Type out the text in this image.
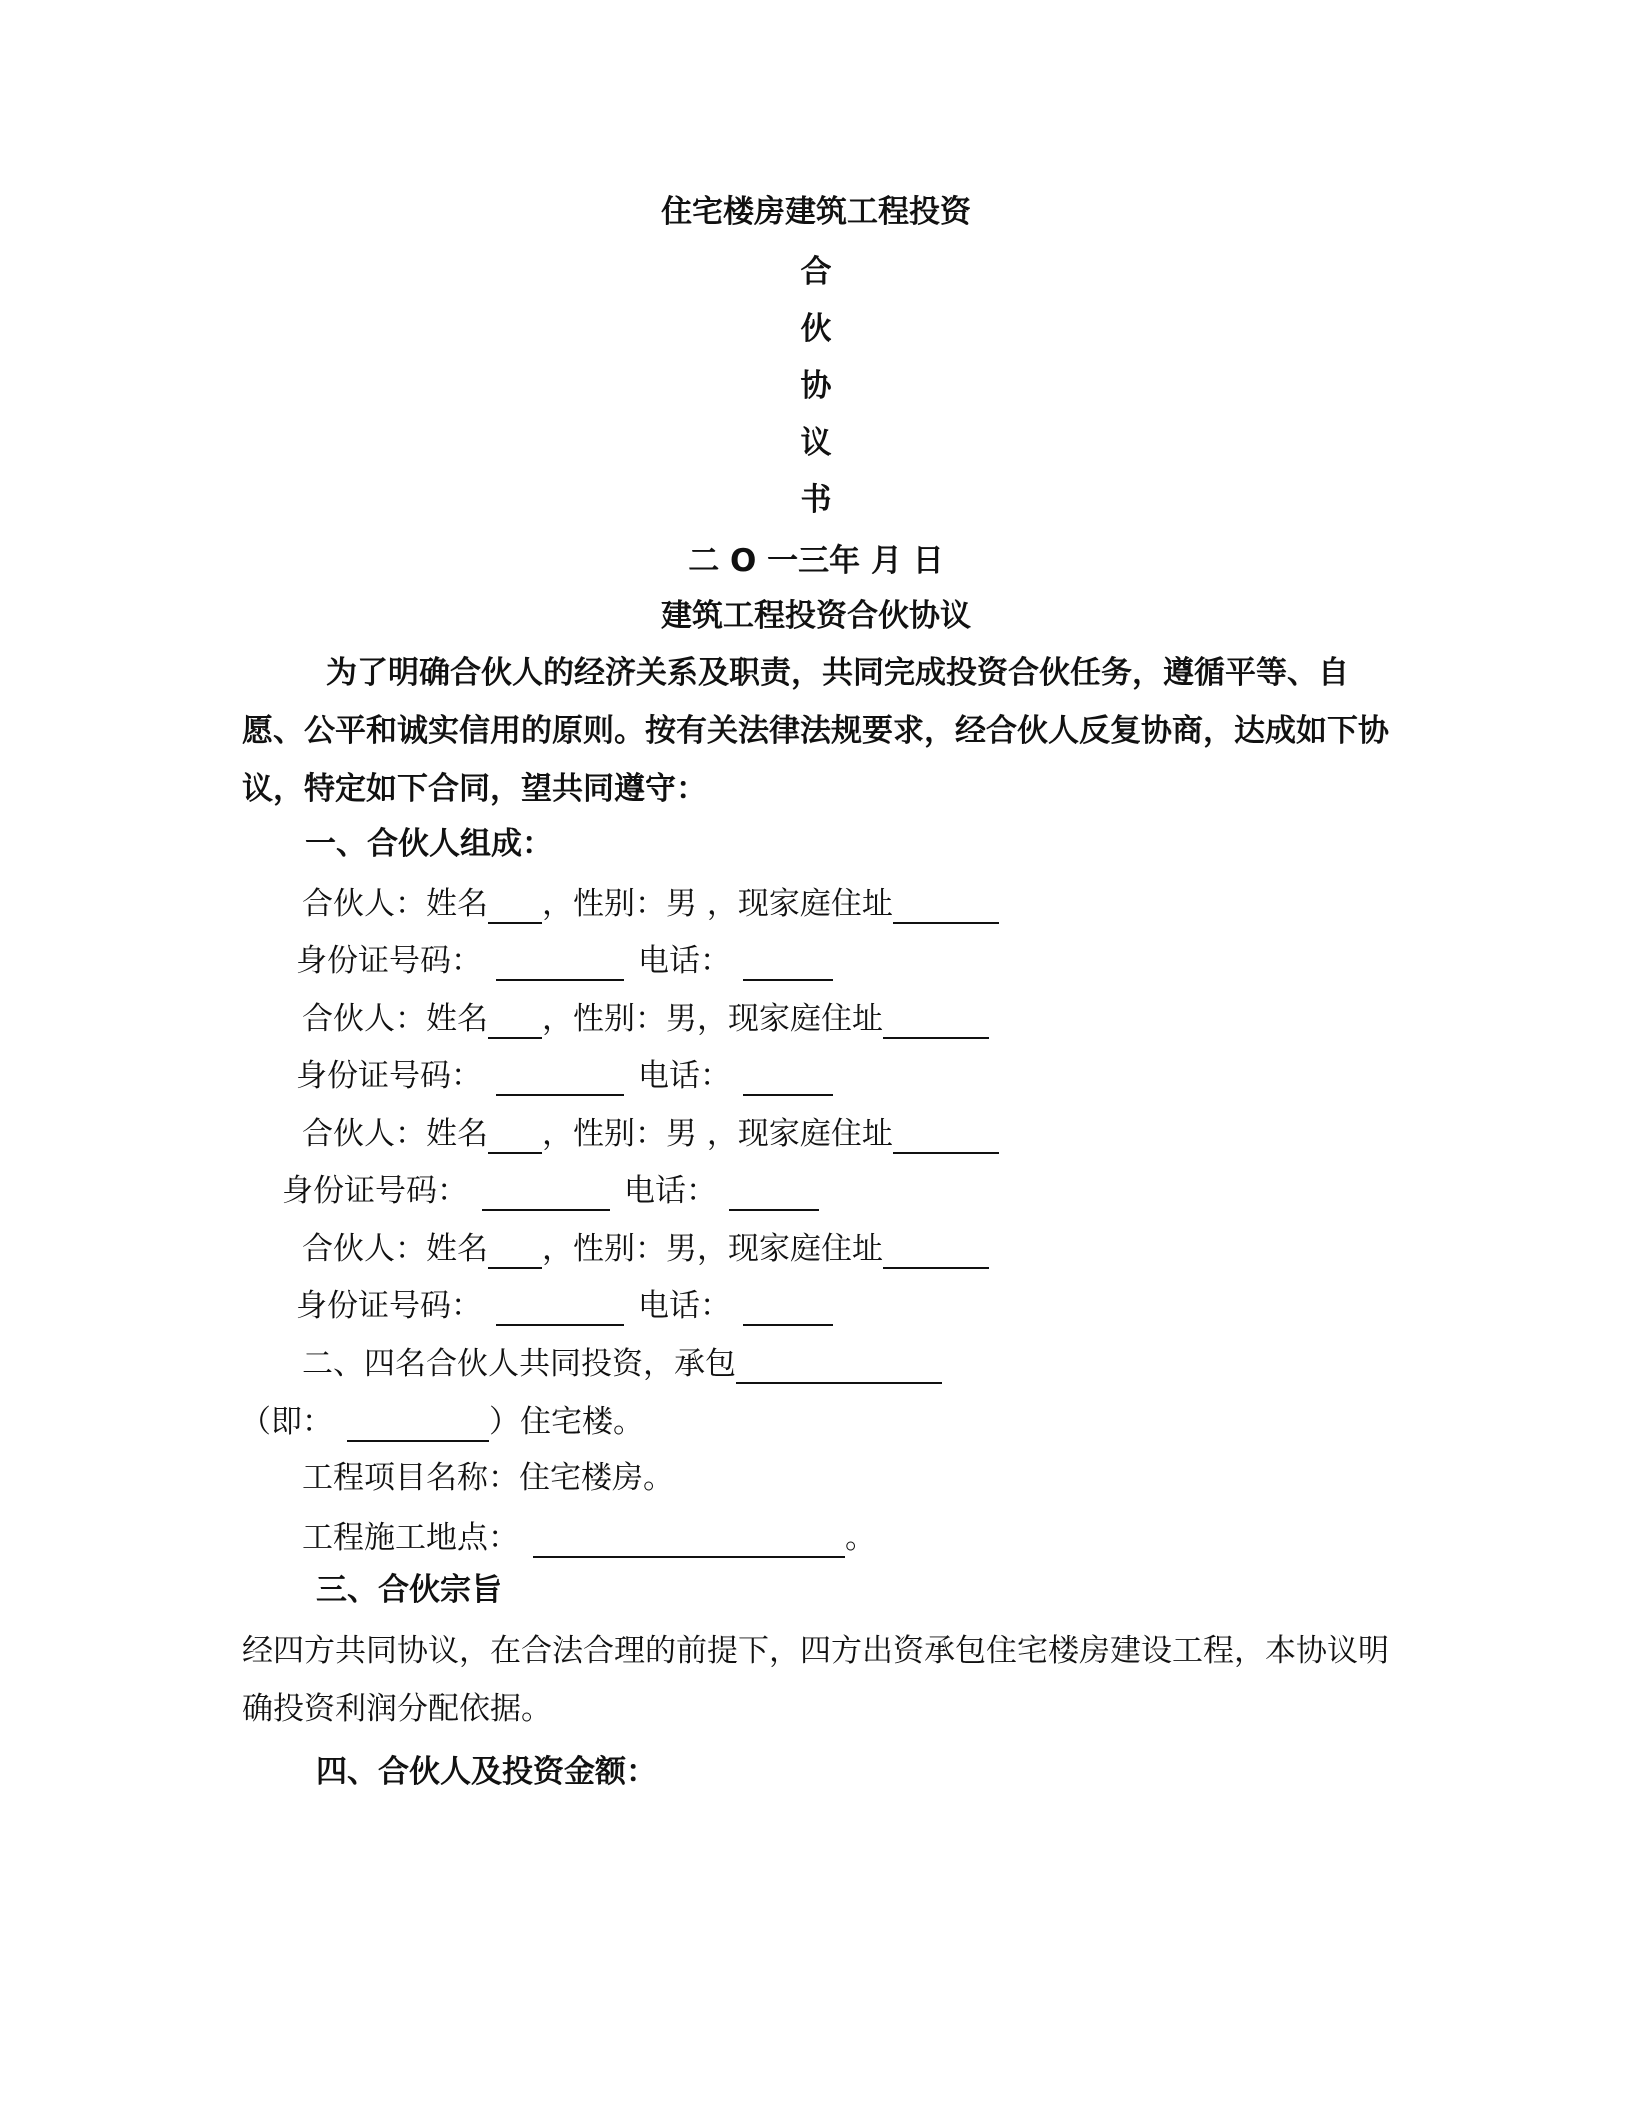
住宅楼房建筑工程投资
合
伙
协
议
书
二 O 一三年 月 日
建筑工程投资合伙协议
为了明确合伙人的经济关系及职责，共同完成投资合伙任务，遵循平等、自愿、公平和诚实信用的原则。按有关法律法规要求，经合伙人反复协商，达成如下协议，特定如下合同，望共同遵守：
一、合伙人组成：
合伙人：姓名 ，性别：男 ，现家庭住址
身份证号码：	电话：
合伙人：姓名 ，性别：男，现家庭住址
身份证号码：	电话：
合伙人：姓名 ，性别：男 ，现家庭住址
身份证号码：	电话：
合伙人：姓名 ，性别：男，现家庭住址
身份证号码：	电话：
二、四名合伙人共同投资，承包
（即：	）住宅楼。
工程项目名称：住宅楼房。
工程施工地点：	。
三、合伙宗旨
经四方共同协议，在合法合理的前提下，四方出资承包住宅楼房建设工程，本协议明确投资利润分配依据。
四、合伙人及投资金额：
